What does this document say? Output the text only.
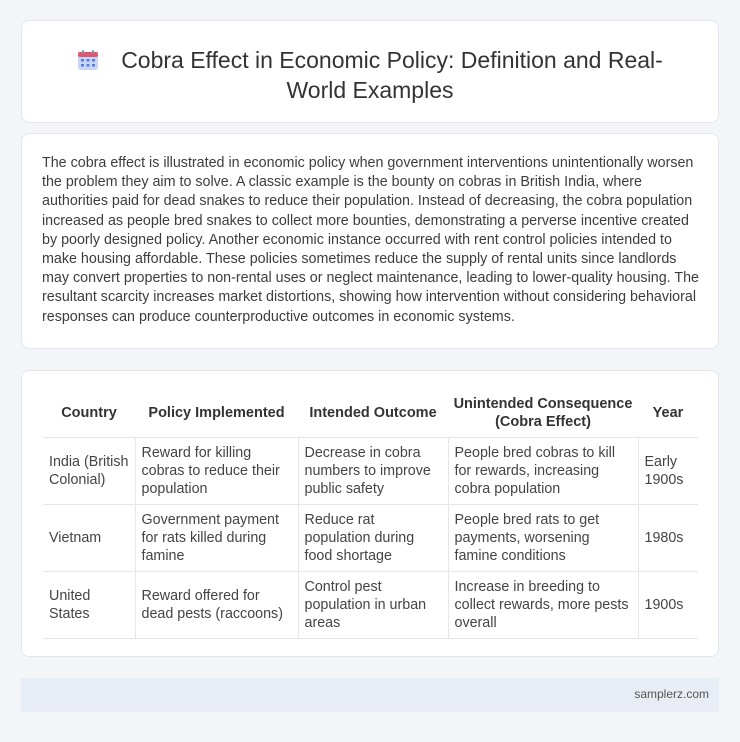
Cobra Effect in Economic Policy: Definition and Real-World Examples
The cobra effect is illustrated in economic policy when government interventions unintentionally worsen the problem they aim to solve. A classic example is the bounty on cobras in British India, where authorities paid for dead snakes to reduce their population. Instead of decreasing, the cobra population increased as people bred snakes to collect more bounties, demonstrating a perverse incentive created by poorly designed policy. Another economic instance occurred with rent control policies intended to make housing affordable. These policies sometimes reduce the supply of rental units since landlords may convert properties to non-rental uses or neglect maintenance, leading to lower-quality housing. The resultant scarcity increases market distortions, showing how intervention without considering behavioral responses can produce counterproductive outcomes in economic systems.
Country	Policy Implemented	Intended Outcome	Unintended Consequence (Cobra Effect)	Year
India (British Colonial)	Reward for killing cobras to reduce their population	Decrease in cobra numbers to improve public safety	People bred cobras to kill for rewards, increasing cobra population	Early 1900s
Vietnam	Government payment for rats killed during famine	Reduce rat population during food shortage	People bred rats to get payments, worsening famine conditions	1980s
United States	Reward offered for dead pests (raccoons)	Control pest population in urban areas	Increase in breeding to collect rewards, more pests overall	1900s
samplerz.com
